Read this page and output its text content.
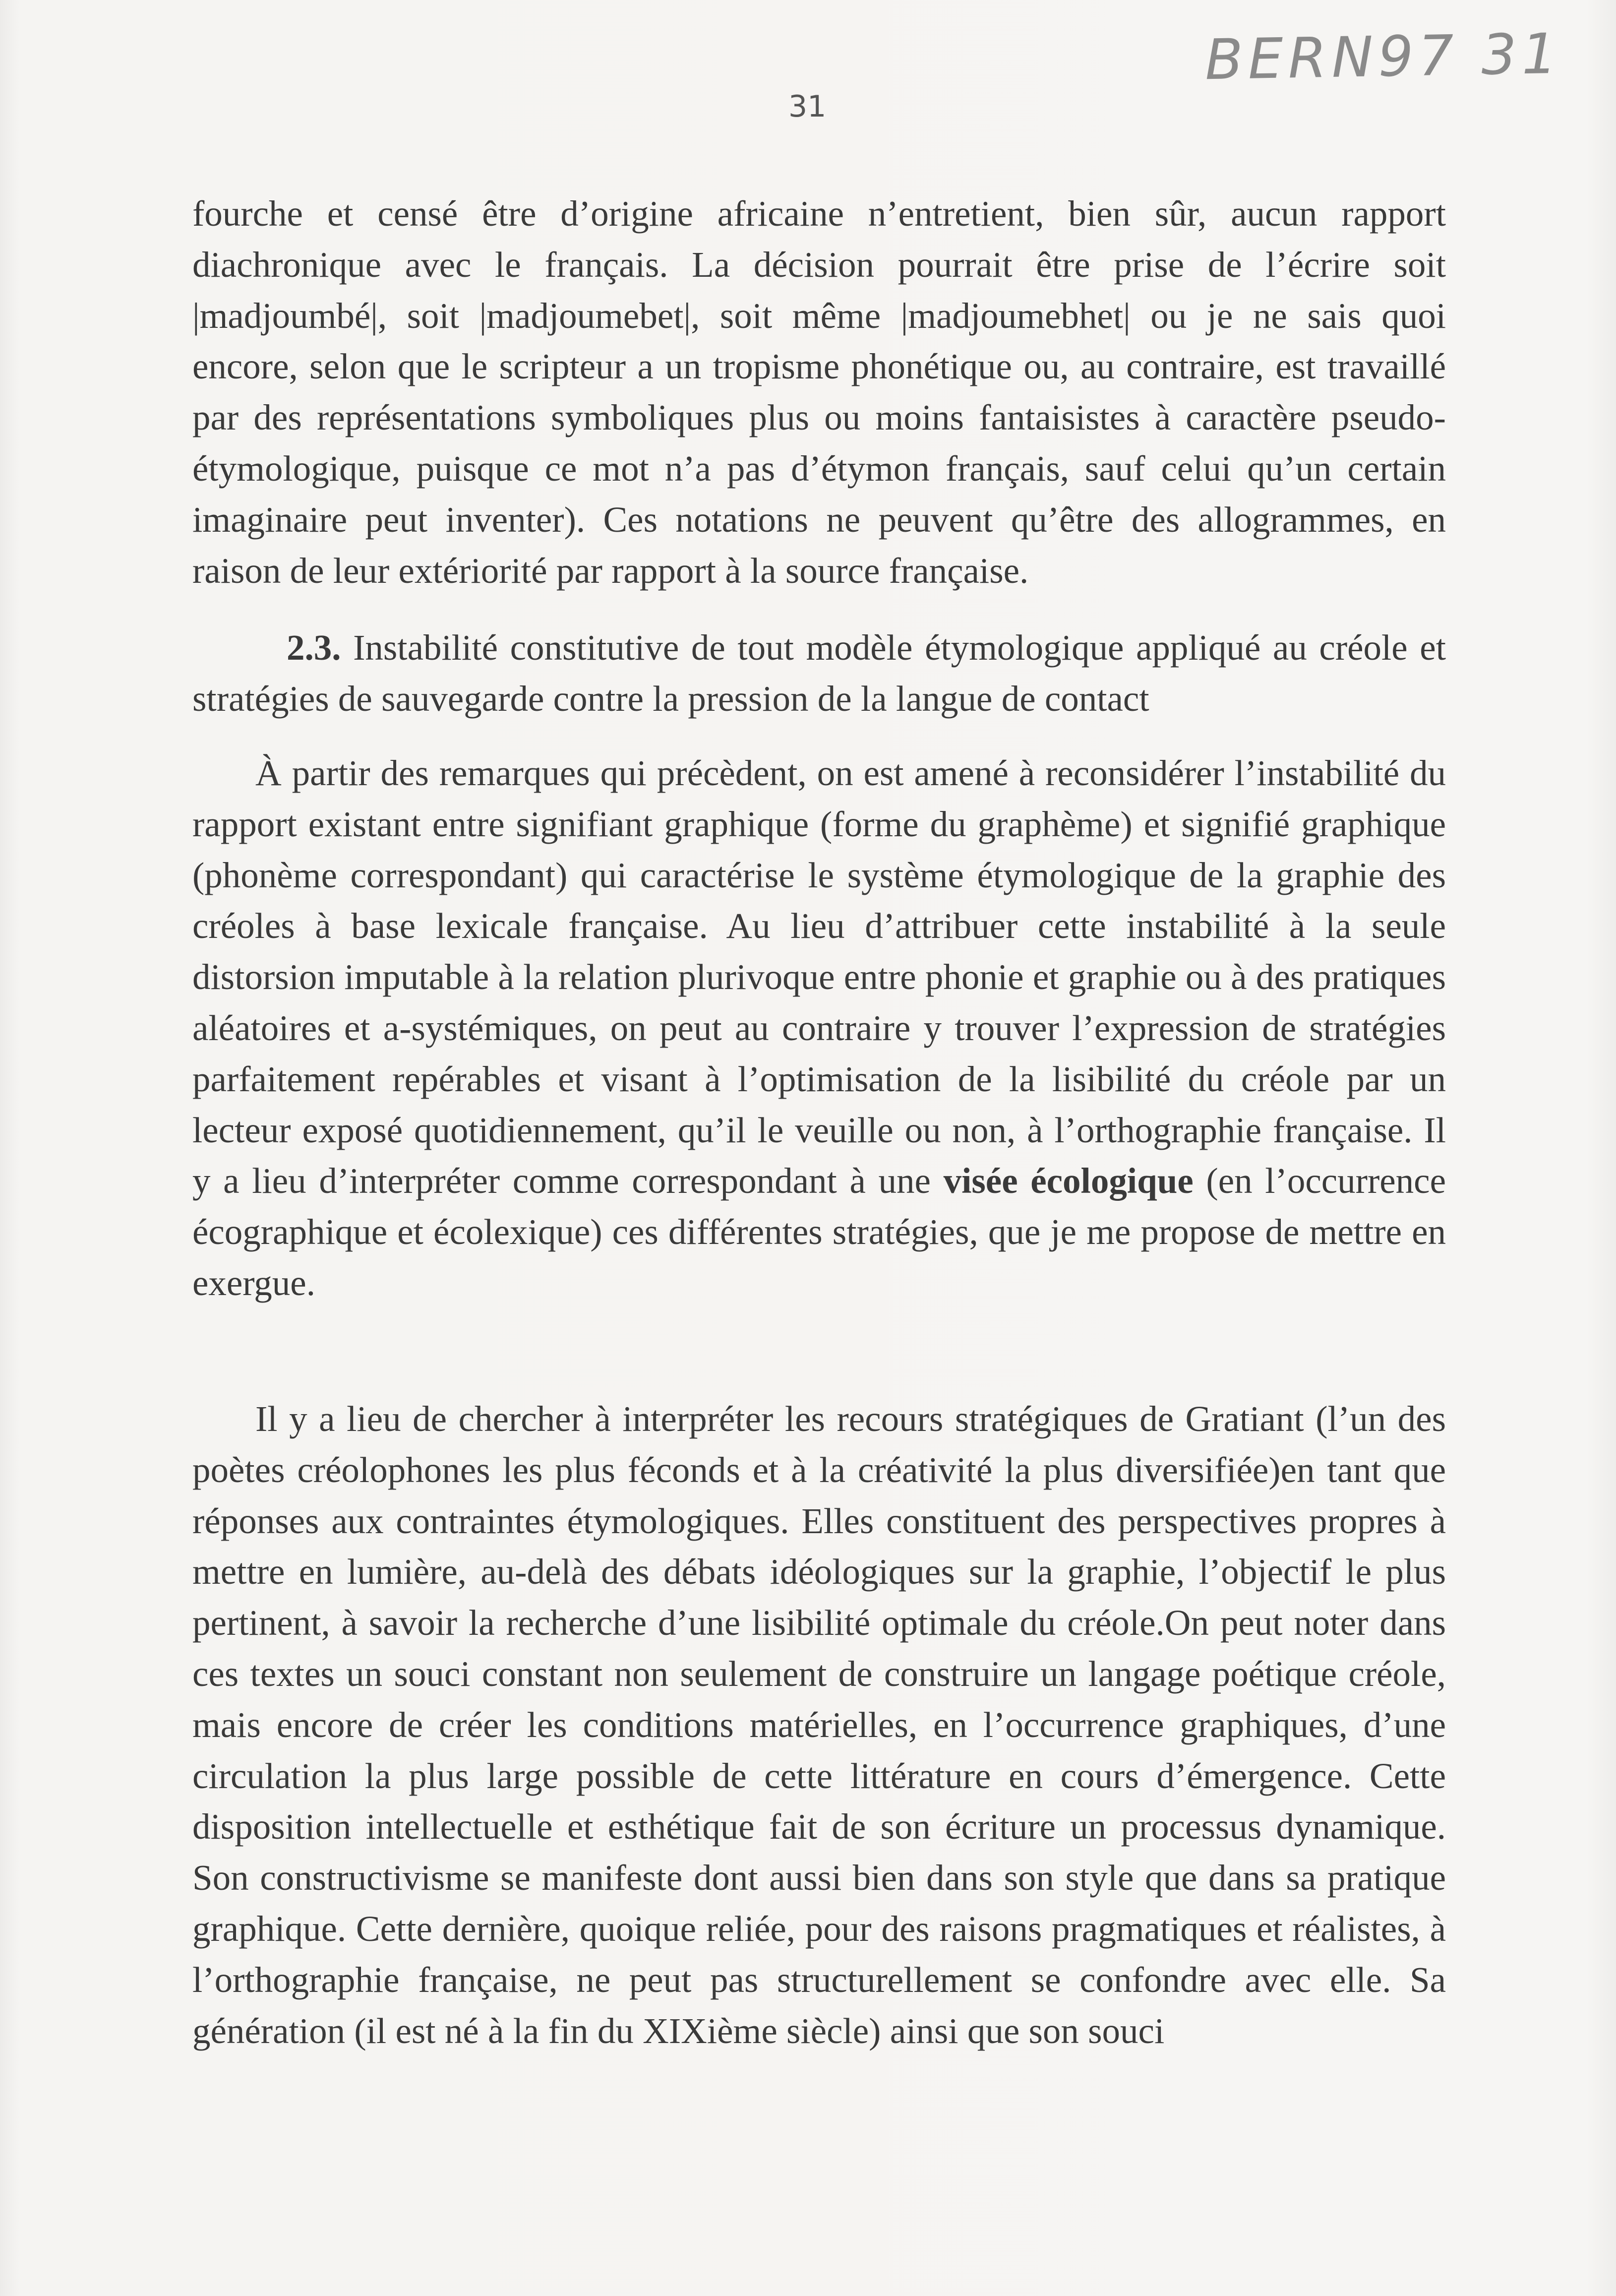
BERN97 31
31

fourche et censé être d’origine africaine n’entretient, bien sûr, aucun rapport diachronique avec le français. La décision pourrait être prise de l’écrire soit |madjoumbé|, soit |madjoumebet|, soit même |madjoumebhet| ou je ne sais quoi encore, selon que le scripteur a un tropisme phonétique ou, au contraire, est travaillé par des représentations symboliques plus ou moins fantaisistes à caractère pseudo-étymologique, puisque ce mot n’a pas d’étymon français, sauf celui qu’un certain imaginaire peut inventer). Ces notations ne peuvent qu’être des allogrammes, en raison de leur extériorité par rapport à la source française.

2.3. Instabilité constitutive de tout modèle étymologique appliqué au créole et stratégies de sauvegarde contre la pression de la langue de contact
À partir des remarques qui précèdent, on est amené à reconsidérer l’instabilité du rapport existant entre signifiant graphique (forme du graphème) et signifié graphique (phonème correspondant) qui caractérise le système étymologique de la graphie des créoles à base lexicale française. Au lieu d’attribuer cette instabilité à la seule distorsion imputable à la relation plurivoque entre phonie et graphie ou à des pratiques aléatoires et a-systémiques, on peut au contraire y trouver l’expression de stratégies parfaitement repérables et visant à l’optimisation de la lisibilité du créole par un lecteur exposé quotidiennement, qu’il le veuille ou non, à l’orthographie française. Il y a lieu d’interpréter comme correspondant à une visée écologique (en l’occurrence écographique et écolexique) ces différentes stratégies, que je me propose de mettre en exergue.
Il y a lieu de chercher à interpréter les recours stratégiques de Gratiant (l’un des poètes créolophones les plus féconds et à la créativité la plus diversifiée)en tant que réponses aux contraintes étymologiques. Elles constituent des perspectives propres à mettre en lumière, au-delà des débats idéologiques sur la graphie, l’objectif le plus pertinent, à savoir la recherche d’une lisibilité optimale du créole.On peut noter dans ces textes un souci constant non seulement de construire un langage poétique créole, mais encore de créer les conditions matérielles, en l’occurrence graphiques, d’une circulation la plus large possible de cette littérature en cours d’émergence. Cette disposition intellectuelle et esthétique fait de son écriture un processus dynamique. Son constructivisme se manifeste dont aussi bien dans son style que dans sa pratique graphique. Cette dernière, quoique reliée, pour des raisons pragmatiques et réalistes, à l’orthographie française, ne peut pas structurellement se confondre avec elle. Sa génération (il est né à la fin du XIXième siècle) ainsi que son souci
